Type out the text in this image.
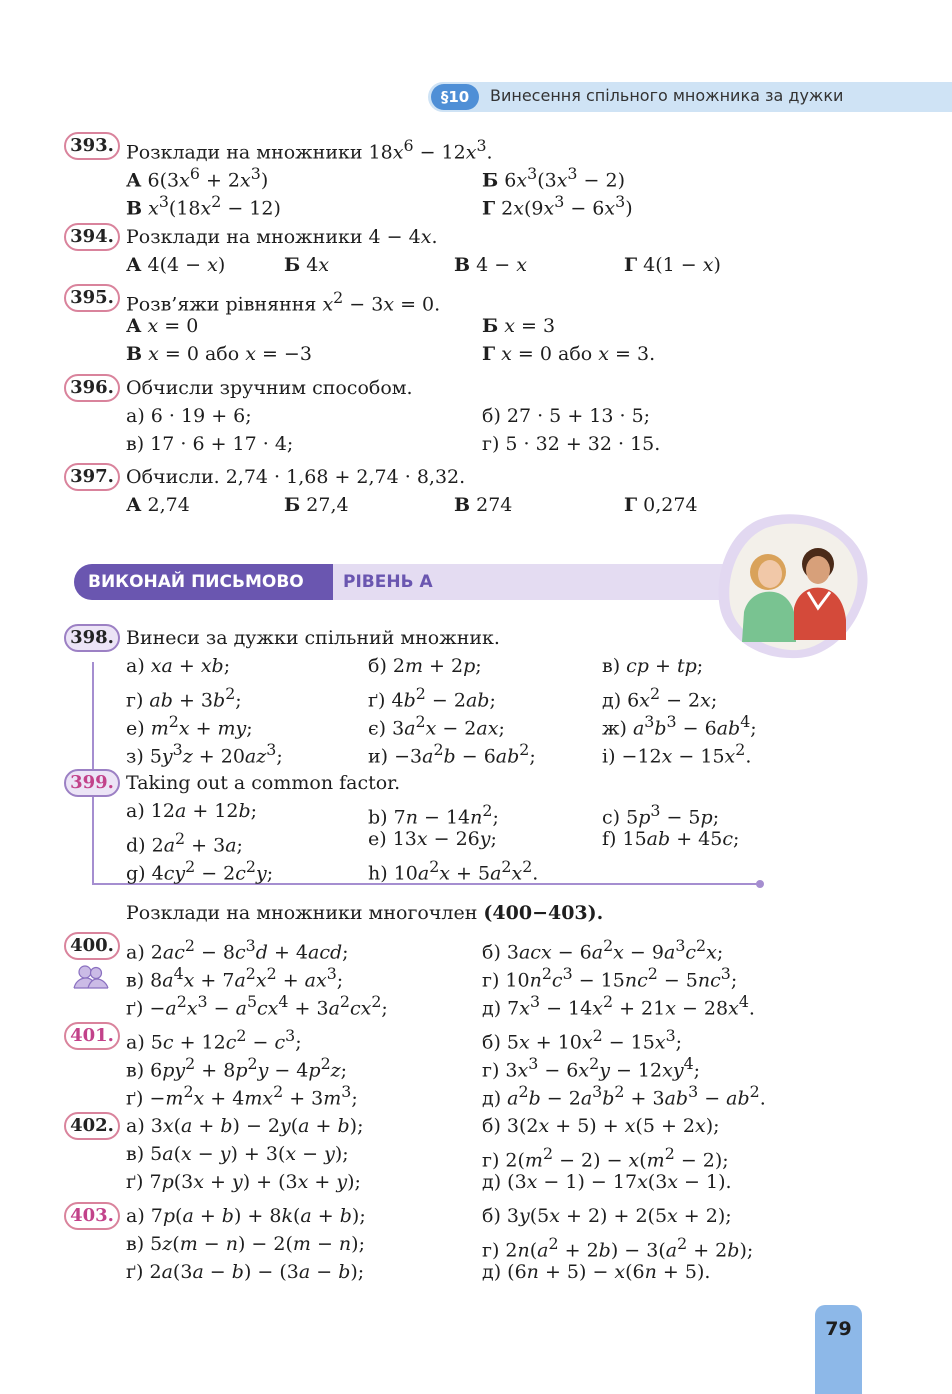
§10	Винесення спільного множника за дужки
393. Розклади на множники $18x^6 - 12x^3$.
А $6(3x^6 + 2x^3)$	Б $6x^3(3x^3 - 2)$
В $x^3(18x^2 - 12)$	Г $2x(9x^3 - 6x^3)$
394. Розклади на множники 4 − 4x.
А 4(4 − x)	Б 4x	В 4 − x	Г 4(1 − x)
395. Розв’яжи рівняння $x^2 - 3x = 0$.
А x = 0	Б x = 3
В x = 0 або x = −3	Г x = 0 або x = 3.
396. Обчисли зручним способом.
а) 6 · 19 + 6;	б) 27 · 5 + 13 · 5;
в) 17 · 6 + 17 · 4;	г) 5 · 32 + 32 · 15.
397. Обчисли. 2,74 · 1,68 + 2,74 · 8,32.
А 2,74	Б 27,4	В 274	Г 0,274
ВИКОНАЙ ПИСЬМОВО	РІВЕНЬ А
398. Винеси за дужки спільний множник.
а) xa + xb;	б) 2m + 2p;	в) cp + tp;
г) ab + $3b^2$;	ґ) $4b^2 - 2ab$;	д) $6x^2 - 2x$;
е) $m^2x$ + my;	є) $3a^2x - 2ax$;	ж) $a^3b^3 - 6ab^4$;
з) $5y^3z + 20az^3$;	$и) -3a^2b - 6ab^2$;	$і) -12x - 15x^2$.
399. Taking out a common factor.
a) 12a + 12b;	b) $7n - 14n^2$;	c) $5p^3 - 5p$;
d) $2a^2 + 3a$;	e) 13x − 26y;	f) 15ab + 45c;
g) $4cy^2 - 2c^2y$;	h) $10a^2x + 5a^2x^2$.
Розклади на множники многочлен (400−403).
400. а) $2ac^2 - 8c^3d + 4acd$;	б) $3acx - 6a^2x - 9a^3c^2x$;
в) $8a^4x + 7a^2x^2 + ax^3$;	г) $10n^2c^3 - 15nc^2 - 5nc^3$;
$ґ) -a^2x^3 - a^5cx^4 + 3a^2cx^2$;	д) $7x^3 - 14x^2 + 21x - 28x^4$.
401. а) $5c + 12c^2 - c^3$;	б) $5x + 10x^2 - 15x^3$;
в) $6py^2 + 8p^2y - 4p^2z$;	г) $3x^3 - 6x^2y - 12xy^4$;
$ґ) -m^2x + 4mx^2 + 3m^3$;	д) $a^2b - 2a^3b^2 + 3ab^3 - ab^2$.
402. а) 3x(a + b) − 2y(a + b);	б) 3(2x + 5) + x(5 + 2x);
в) 5a(x − y) + 3(x − y);	г) $2(m^2 - 2) - x(m^2 - 2)$;
ґ) 7p(3x + y) + (3x + y);	д) (3x − 1) − 17x(3x − 1).
403. а) 7p(a + b) + 8k(a + b);	б) 3y(5x + 2) + 2(5x + 2);
в) 5z(m − n) − 2(m − n);	г) $2n(a^2 + 2b) - 3(a^2 + 2b)$;
ґ) 2a(3a − b) − (3a − b);	д) (6n + 5) − x(6n + 5).
79
